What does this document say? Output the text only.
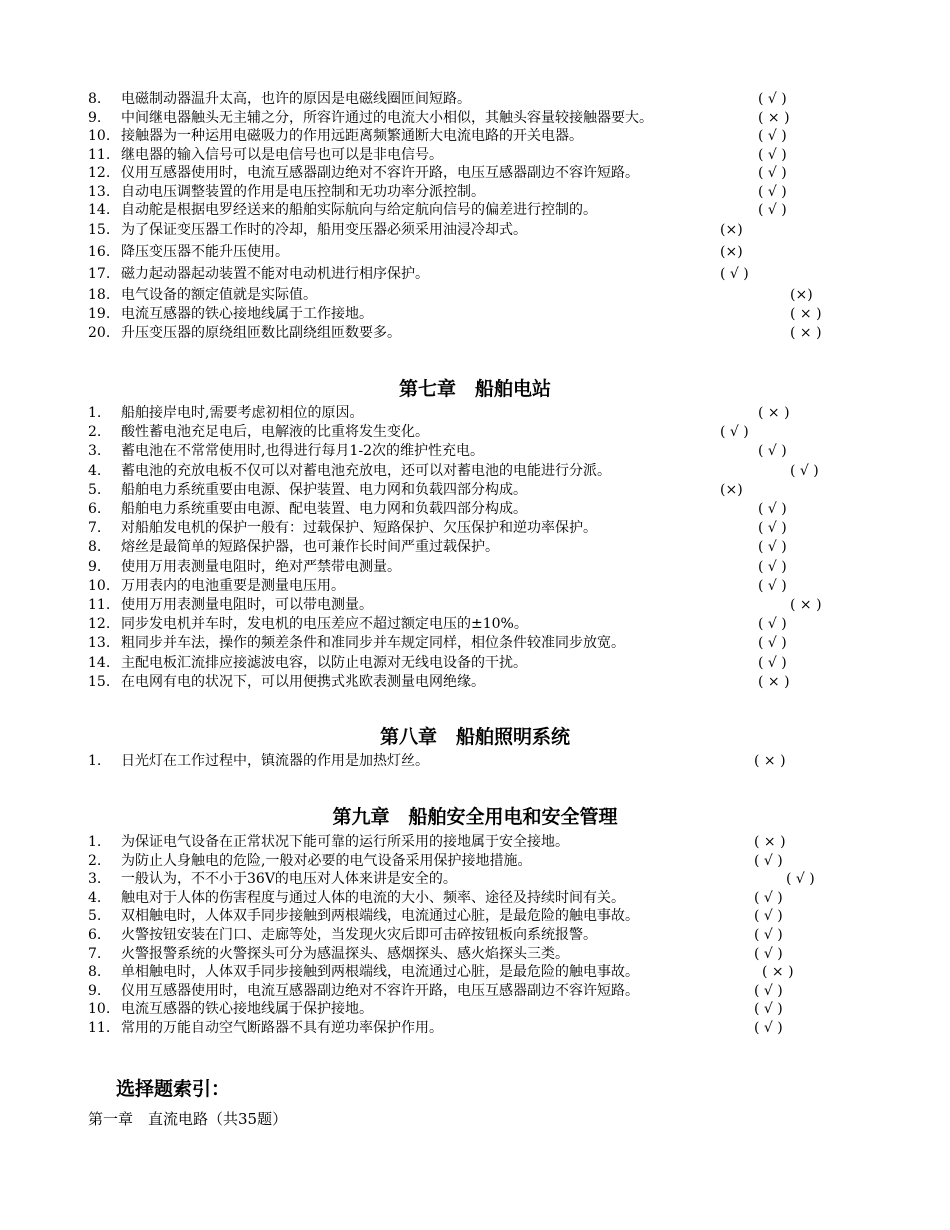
8. 电磁制动器温升太高，也许的原因是电磁线圈匝间短路。	( √ )
9. 中间继电器触头无主辅之分，所容许通过的电流大小相似，其触头容量较接触器要大。	( × )
10. 接触器为一种运用电磁吸力的作用远距离频繁通断大电流电路的开关电器。	( √ )
11. 继电器的输入信号可以是电信号也可以是非电信号。	( √ )
12. 仪用互感器使用时，电流互感器副边绝对不容许开路，电压互感器副边不容许短路。	( √ )
13. 自动电压调整装置的作用是电压控制和无功功率分派控制。	( √ )
14. 自动舵是根据电罗经送来的船舶实际航向与给定航向信号的偏差进行控制的。	( √ )
15. 为了保证变压器工作时的冷却，船用变压器必须采用油浸冷却式。	(×)
16. 降压变压器不能升压使用。	(×)
17. 磁力起动器起动装置不能对电动机进行相序保护。	( √ )
18. 电气设备的额定值就是实际值。	(×)
19. 电流互感器的铁心接地线属于工作接地。	( × )
20. 升压变压器的原绕组匝数比副绕组匝数要多。	( × )
第七章　船舶电站
1. 船舶接岸电时,需要考虑初相位的原因。	( × )
2. 酸性蓄电池充足电后，电解液的比重将发生变化。	( √ )
3. 蓄电池在不常常使用时,也得进行每月1-2次的维护性充电。	( √ )
4. 蓄电池的充放电板不仅可以对蓄电池充放电，还可以对蓄电池的电能进行分派。	( √ )
5. 船舶电力系统重要由电源、保护装置、电力网和负载四部分构成。	(×)
6. 船舶电力系统重要由电源、配电装置、电力网和负载四部分构成。	( √ )
7. 对船舶发电机的保护一般有：过载保护、短路保护、欠压保护和逆功率保护。	( √ )
8. 熔丝是最简单的短路保护器，也可兼作长时间严重过载保护。	( √ )
9. 使用万用表测量电阻时，绝对严禁带电测量。	( √ )
10. 万用表内的电池重要是测量电压用。	( √ )
11. 使用万用表测量电阻时，可以带电测量。	( × )
12. 同步发电机并车时，发电机的电压差应不超过额定电压的±10%。	( √ )
13. 粗同步并车法，操作的频差条件和准同步并车规定同样，相位条件较准同步放宽。	( √ )
14. 主配电板汇流排应接滤波电容，以防止电源对无线电设备的干扰。	( √ )
15. 在电网有电的状况下，可以用便携式兆欧表测量电网绝缘。	( × )
第八章　船舶照明系统
1. 日光灯在工作过程中，镇流器的作用是加热灯丝。	( × )
第九章　船舶安全用电和安全管理
1. 为保证电气设备在正常状况下能可靠的运行所采用的接地属于安全接地。	( × )
2. 为防止人身触电的危险,一般对必要的电气设备采用保护接地措施。	( √ )
3. 一般认为，不不小于36V的电压对人体来讲是安全的。	( √ )
4. 触电对于人体的伤害程度与通过人体的电流的大小、频率、途径及持续时间有关。	( √ )
5. 双相触电时，人体双手同步接触到两根端线，电流通过心脏，是最危险的触电事故。	( √ )
6. 火警按钮安装在门口、走廊等处，当发现火灾后即可击碎按钮板向系统报警。	( √ )
7. 火警报警系统的火警探头可分为感温探头、感烟探头、感火焰探头三类。	( √ )
8. 单相触电时，人体双手同步接触到两根端线，电流通过心脏，是最危险的触电事故。	( × )
9. 仪用互感器使用时，电流互感器副边绝对不容许开路，电压互感器副边不容许短路。	( √ )
10. 电流互感器的铁心接地线属于保护接地。	( √ )
11. 常用的万能自动空气断路器不具有逆功率保护作用。	( √ )
选择题索引：
第一章　直流电路（共35题）
